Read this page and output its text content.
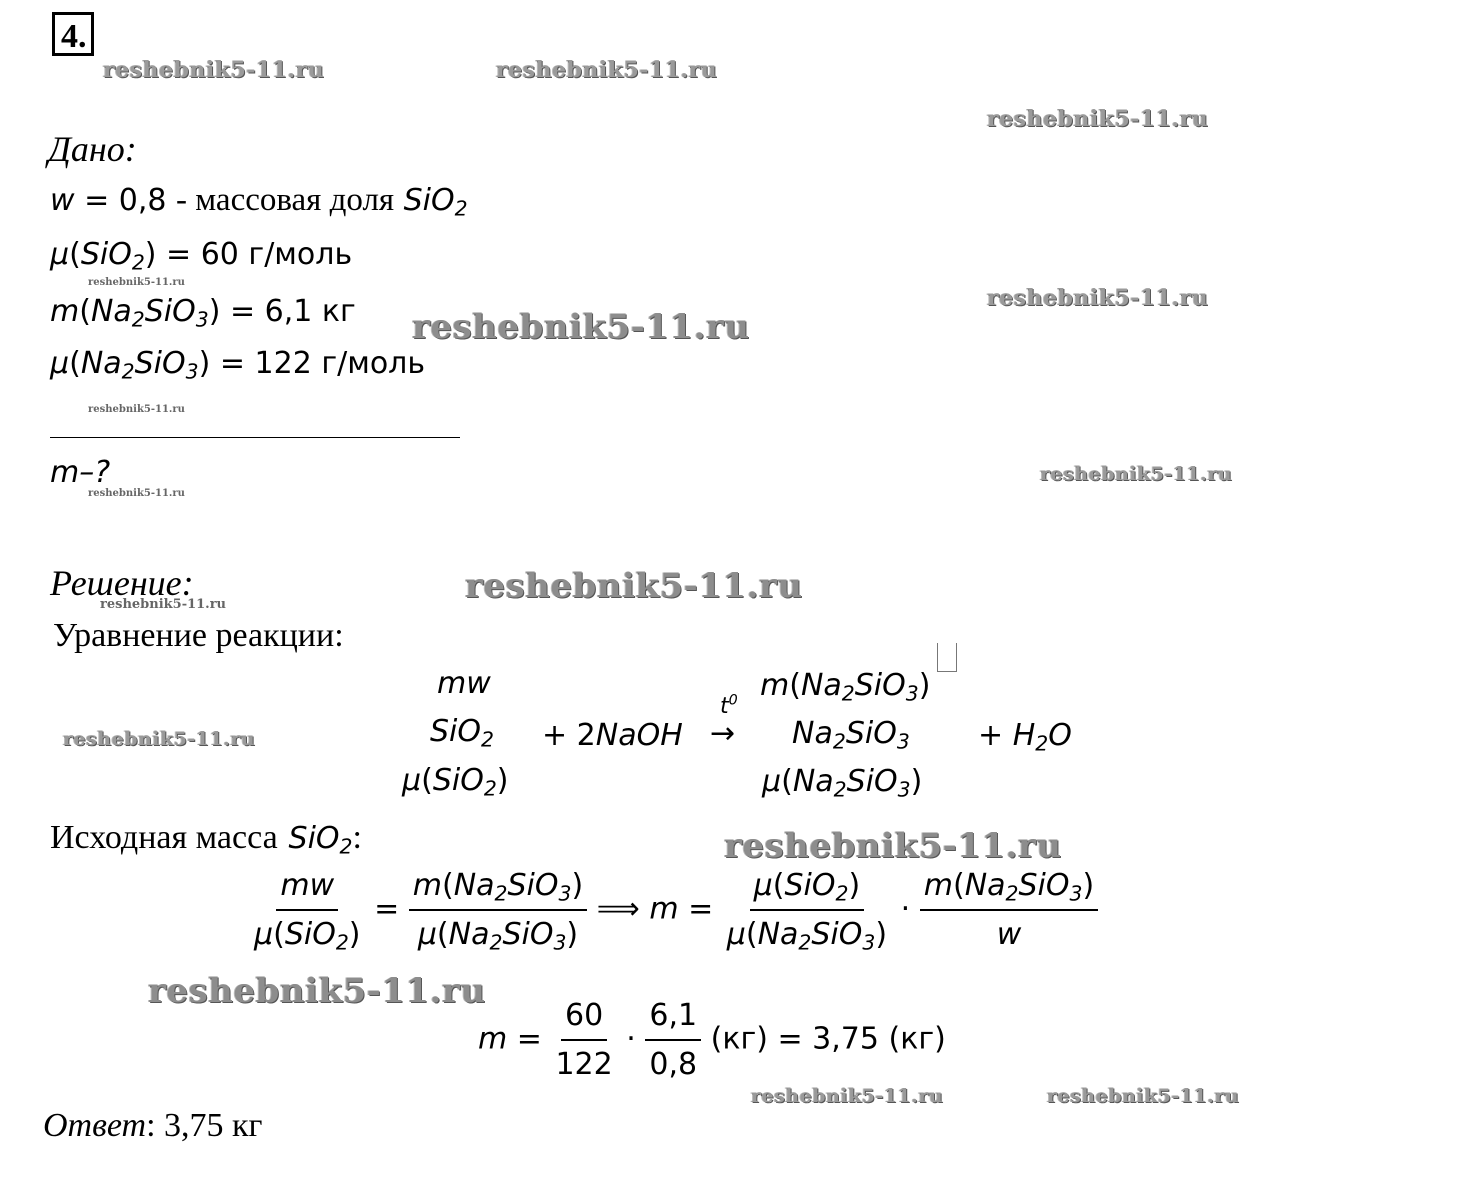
4.
reshebnik5-11.ru	reshebnik5-11.ru
reshebnik5-11.ru
reshebnik5-11.ru
reshebnik5-11.ru
reshebnik5-11.ru
reshebnik5-11.ru
reshebnik5-11.ru
reshebnik5-11.ru
reshebnik5-11.ru
reshebnik5-11.ru
reshebnik5-11.ru
reshebnik5-11.ru
reshebnik5-11.ru
reshebnik5-11.ru	reshebnik5-11.ru
Дано:
w = 0,8 - массовая доля SiO$_2$
μ(SiO$_2$) = 60 г/моль
$m(Na_2SiO_3) = 6,1$ кг
$\mu(Na_2SiO_3) = 122$ г/моль
m–?
Решение:
Уравнение реакции:
mw
SiO$_2$
μ(SiO$_2$)
+ 2NaOH
$t^0$
→
$m(Na_2SiO_3)$
$Na_2SiO_3$
$\mu(Na_2SiO_3)$
+ $H_2O$
Исходная масса SiO$_2$:
$\frac{mw}{\mu(SiO_2)} = \frac{m(Na_2SiO_3)}{\mu(Na_2SiO_3)}$ ⟹ $m = \frac{\mu(SiO_2)}{\mu(Na_2SiO_3)} \cdot \frac{m(Na_2SiO_3)}{w}$
$m = \frac{60}{122} \cdot \frac{6,1}{0,8} (кг) = 3,75$ (кг)
Ответ: 3,75 кг
